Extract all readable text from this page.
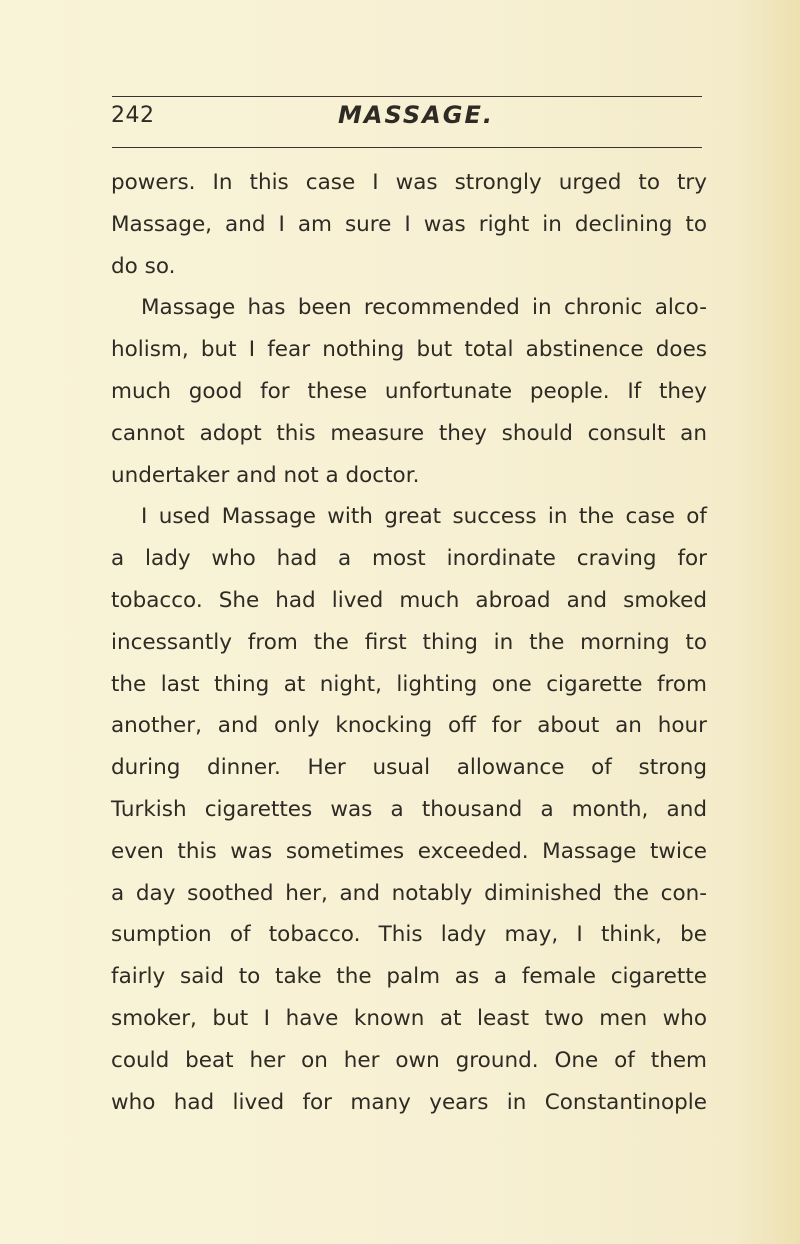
242	MASSAGE.
powers. In this case I was strongly urged to try
Massage, and I am sure I was right in declining to
do so.
Massage has been recommended in chronic alco-
holism, but I fear nothing but total abstinence does
much good for these unfortunate people. If they
cannot adopt this measure they should consult an
undertaker and not a doctor.
I used Massage with great success in the case of
a lady who had a most inordinate craving for
tobacco. She had lived much abroad and smoked
incessantly from the first thing in the morning to
the last thing at night, lighting one cigarette from
another, and only knocking off for about an hour
during dinner. Her usual allowance of strong
Turkish cigarettes was a thousand a month, and
even this was sometimes exceeded. Massage twice
a day soothed her, and notably diminished the con-
sumption of tobacco. This lady may, I think, be
fairly said to take the palm as a female cigarette
smoker, but I have known at least two men who
could beat her on her own ground. One of them
who had lived for many years in Constantinople
